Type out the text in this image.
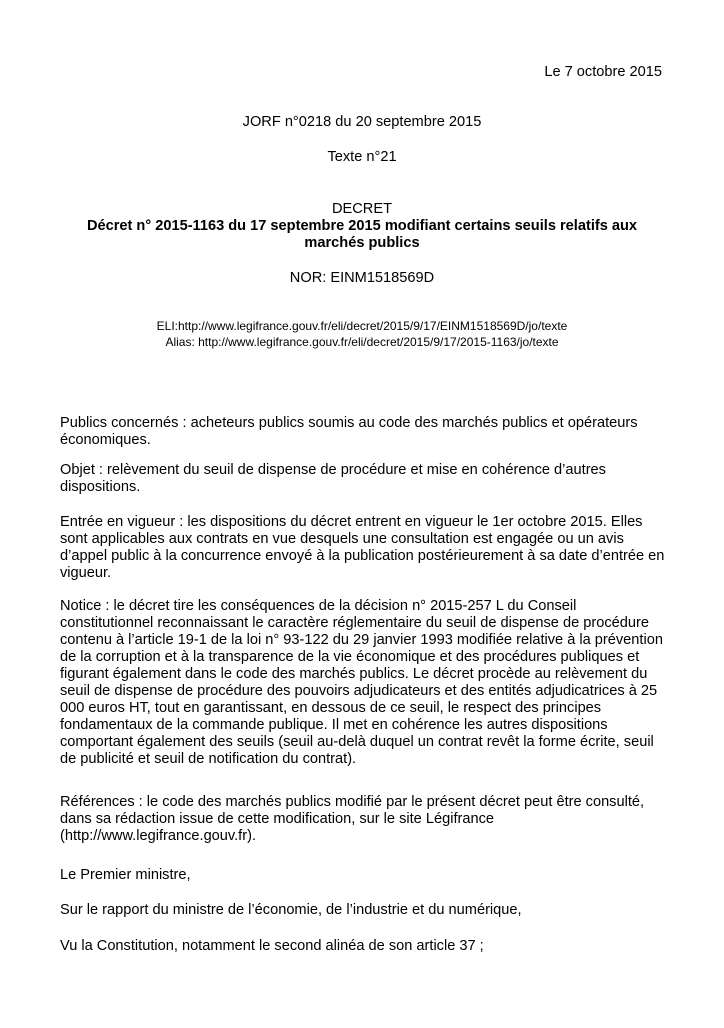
Le 7 octobre 2015
JORF n°0218 du 20 septembre 2015
Texte n°21
DECRET
Décret n° 2015-1163 du 17 septembre 2015 modifiant certains seuils relatifs aux marchés publics
NOR: EINM1518569D
ELI:http://www.legifrance.gouv.fr/eli/decret/2015/9/17/EINM1518569D/jo/texte
Alias: http://www.legifrance.gouv.fr/eli/decret/2015/9/17/2015-1163/jo/texte

Publics concernés : acheteurs publics soumis au code des marchés publics et opérateurs économiques.

Objet : relèvement du seuil de dispense de procédure et mise en cohérence d’autres dispositions.

Entrée en vigueur : les dispositions du décret entrent en vigueur le 1er octobre 2015. Elles sont applicables aux contrats en vue desquels une consultation est engagée ou un avis d’appel public à la concurrence envoyé à la publication postérieurement à sa date d’entrée en vigueur.

Notice : le décret tire les conséquences de la décision n° 2015-257 L du Conseil constitutionnel reconnaissant le caractère réglementaire du seuil de dispense de procédure contenu à l’article 19-1 de la loi n° 93-122 du 29 janvier 1993 modifiée relative à la prévention de la corruption et à la transparence de la vie économique et des procédures publiques et figurant également dans le code des marchés publics. Le décret procède au relèvement du seuil de dispense de procédure des pouvoirs adjudicateurs et des entités adjudicatrices à 25 000 euros HT, tout en garantissant, en dessous de ce seuil, le respect des principes fondamentaux de la commande publique. Il met en cohérence les autres dispositions comportant également des seuils (seuil au-delà duquel un contrat revêt la forme écrite, seuil de publicité et seuil de notification du contrat).

Références : le code des marchés publics modifié par le présent décret peut être consulté, dans sa rédaction issue de cette modification, sur le site Légifrance (http://www.legifrance.gouv.fr).

Le Premier ministre,

Sur le rapport du ministre de l’économie, de l’industrie et du numérique,

Vu la Constitution, notamment le second alinéa de son article 37 ;
